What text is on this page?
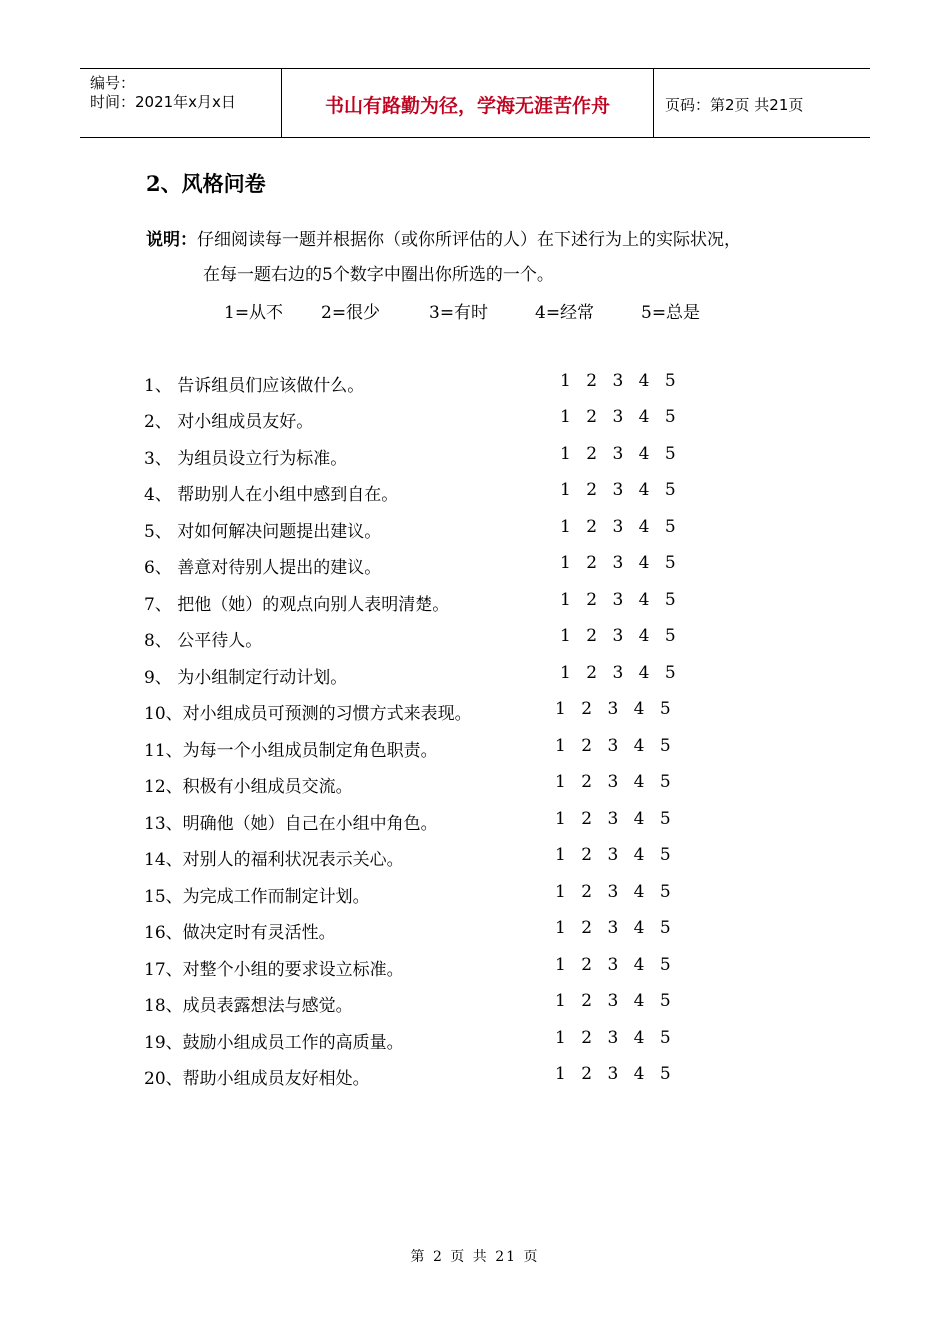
编号：
时间：2021年x月x日	书山有路勤为径，学海无涯苦作舟	页码：第2页 共21页
2、风格问卷
说明：仔细阅读每一题并根据你（或你所评估的人）在下述行为上的实际状况，
在每一题右边的5个数字中圈出你所选的一个。
1=从不 2=很少	3=有时	4=经常	5=总是
1、 告诉组员们应该做什么。	1 2 3 4 5
2、 对小组成员友好。	1 2 3 4 5
3、 为组员设立行为标准。	1 2 3 4 5
4、 帮助别人在小组中感到自在。	1 2 3 4 5
5、 对如何解决问题提出建议。	1 2 3 4 5
6、 善意对待别人提出的建议。	1 2 3 4 5
7、 把他（她）的观点向别人表明清楚。	1 2 3 4 5
8、 公平待人。	1 2 3 4 5
9、 为小组制定行动计划。	1 2 3 4 5
10、对小组成员可预测的习惯方式来表现。	1 2 3 4 5
11、为每一个小组成员制定角色职责。	1 2 3 4 5
12、积极有小组成员交流。	1 2 3 4 5
13、明确他（她）自己在小组中角色。	1 2 3 4 5
14、对别人的福利状况表示关心。	1 2 3 4 5
15、为完成工作而制定计划。	1 2 3 4 5
16、做决定时有灵活性。	1 2 3 4 5
17、对整个小组的要求设立标准。	1 2 3 4 5
18、成员表露想法与感觉。	1 2 3 4 5
19、鼓励小组成员工作的高质量。	1 2 3 4 5
20、帮助小组成员友好相处。	1 2 3 4 5
第 2 页 共 21 页
